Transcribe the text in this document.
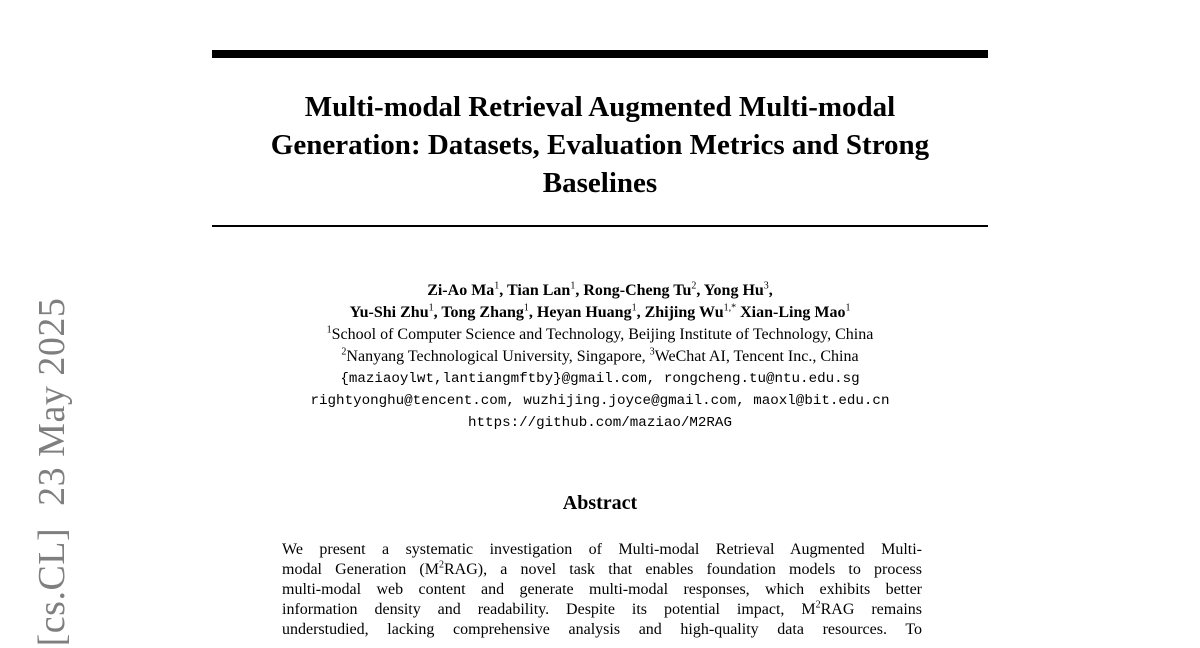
Multi-modal Retrieval Augmented Multi-modal
Generation: Datasets, Evaluation Metrics and Strong
Baselines
Zi-Ao Ma$^1$, Tian Lan$^1$, Rong-Cheng Tu$^2$, Yong Hu$^3$,
Yu-Shi Zhu$^1$, Tong Zhang$^1$, Heyan Huang$^1$, Zhijing $Wu^{1,*}$ Xian-Ling Mao$^1$
$^1$School of Computer Science and Technology, Beijing Institute of Technology, China
$^2$Nanyang Technological University, Singapore, $^3$WeChat AI, Tencent Inc., China
{maziaoylwt,lantiangmftby}@gmail.com, rongcheng.tu@ntu.edu.sg
rightyonghu@tencent.com, wuzhijing.joyce@gmail.com, maoxl@bit.edu.cn
https://github.com/maziao/M2RAG
Abstract
We present a systematic investigation of Multi-modal Retrieval Augmented Multi-
modal Generation $(M^2RAG)$, a novel task that enables foundation models to process
multi-modal web content and generate multi-modal responses, which exhibits better
information density and readability. Despite its potential impact, $M^2RAG$ remains
understudied, lacking comprehensive analysis and high-quality data resources. To
[cs.CL]23 May 2025
